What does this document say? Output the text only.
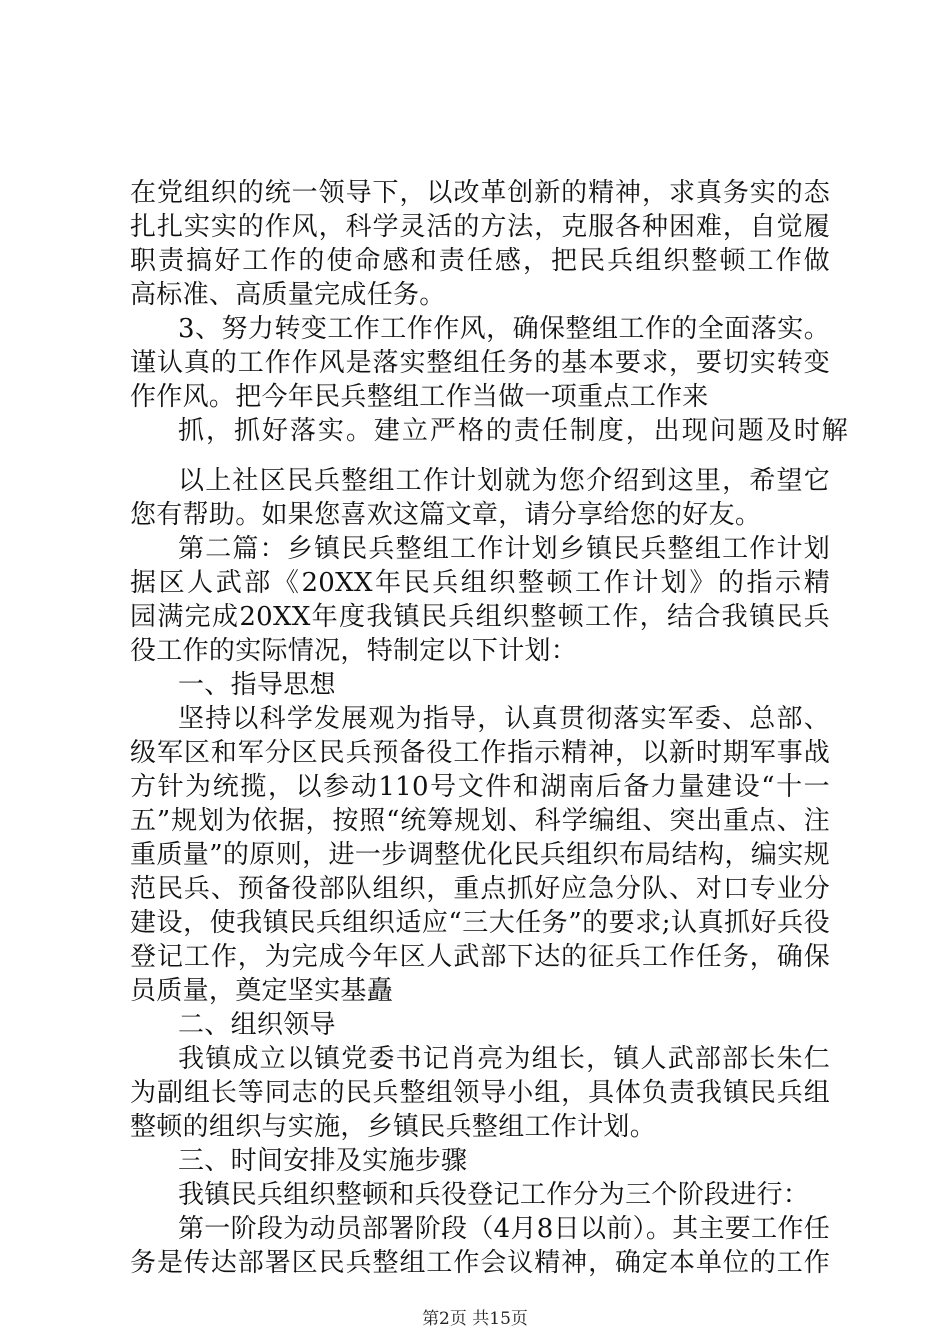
在党组织的统一领导下，以改革创新的精神，求真务实的态
扎扎实实的作风，科学灵活的方法，克服各种困难，自觉履
职责搞好工作的使命感和责任感，把民兵组织整顿工作做
高标准、高质量完成任务。
3、努力转变工作工作作风，确保整组工作的全面落实。
谨认真的工作作风是落实整组任务的基本要求，要切实转变
作作风。把今年民兵整组工作当做一项重点工作来
抓，抓好落实。建立严格的责任制度，出现问题及时解
以上社区民兵整组工作计划就为您介绍到这里，希望它
您有帮助。如果您喜欢这篇文章，请分享给您的好友。
第二篇：乡镇民兵整组工作计划乡镇民兵整组工作计划
据区人武部《20XX年民兵组织整顿工作计划》的指示精
园满完成20XX年度我镇民兵组织整顿工作，结合我镇民兵
役工作的实际情况，特制定以下计划：
一、指导思想
坚持以科学发展观为指导，认真贯彻落实军委、总部、
级军区和军分区民兵预备役工作指示精神，以新时期军事战
方针为统揽，以参动110号文件和湖南后备力量建设“十一
五”规划为依据，按照“统筹规划、科学编组、突出重点、注
重质量”的原则，进一步调整优化民兵组织布局结构，编实规
范民兵、预备役部队组织，重点抓好应急分队、对口专业分
建设，使我镇民兵组织适应“三大任务”的要求;认真抓好兵役
登记工作，为完成今年区人武部下达的征兵工作任务，确保
员质量，奠定坚实基矗
二、组织领导
我镇成立以镇党委书记肖亮为组长，镇人武部部长朱仁
为副组长等同志的民兵整组领导小组，具体负责我镇民兵组
整顿的组织与实施，乡镇民兵整组工作计划。
三、时间安排及实施步骤
我镇民兵组织整顿和兵役登记工作分为三个阶段进行：
第一阶段为动员部署阶段（4月8日以前）。其主要工作任
务是传达部署区民兵整组工作会议精神，确定本单位的工作
第2页 共15页
